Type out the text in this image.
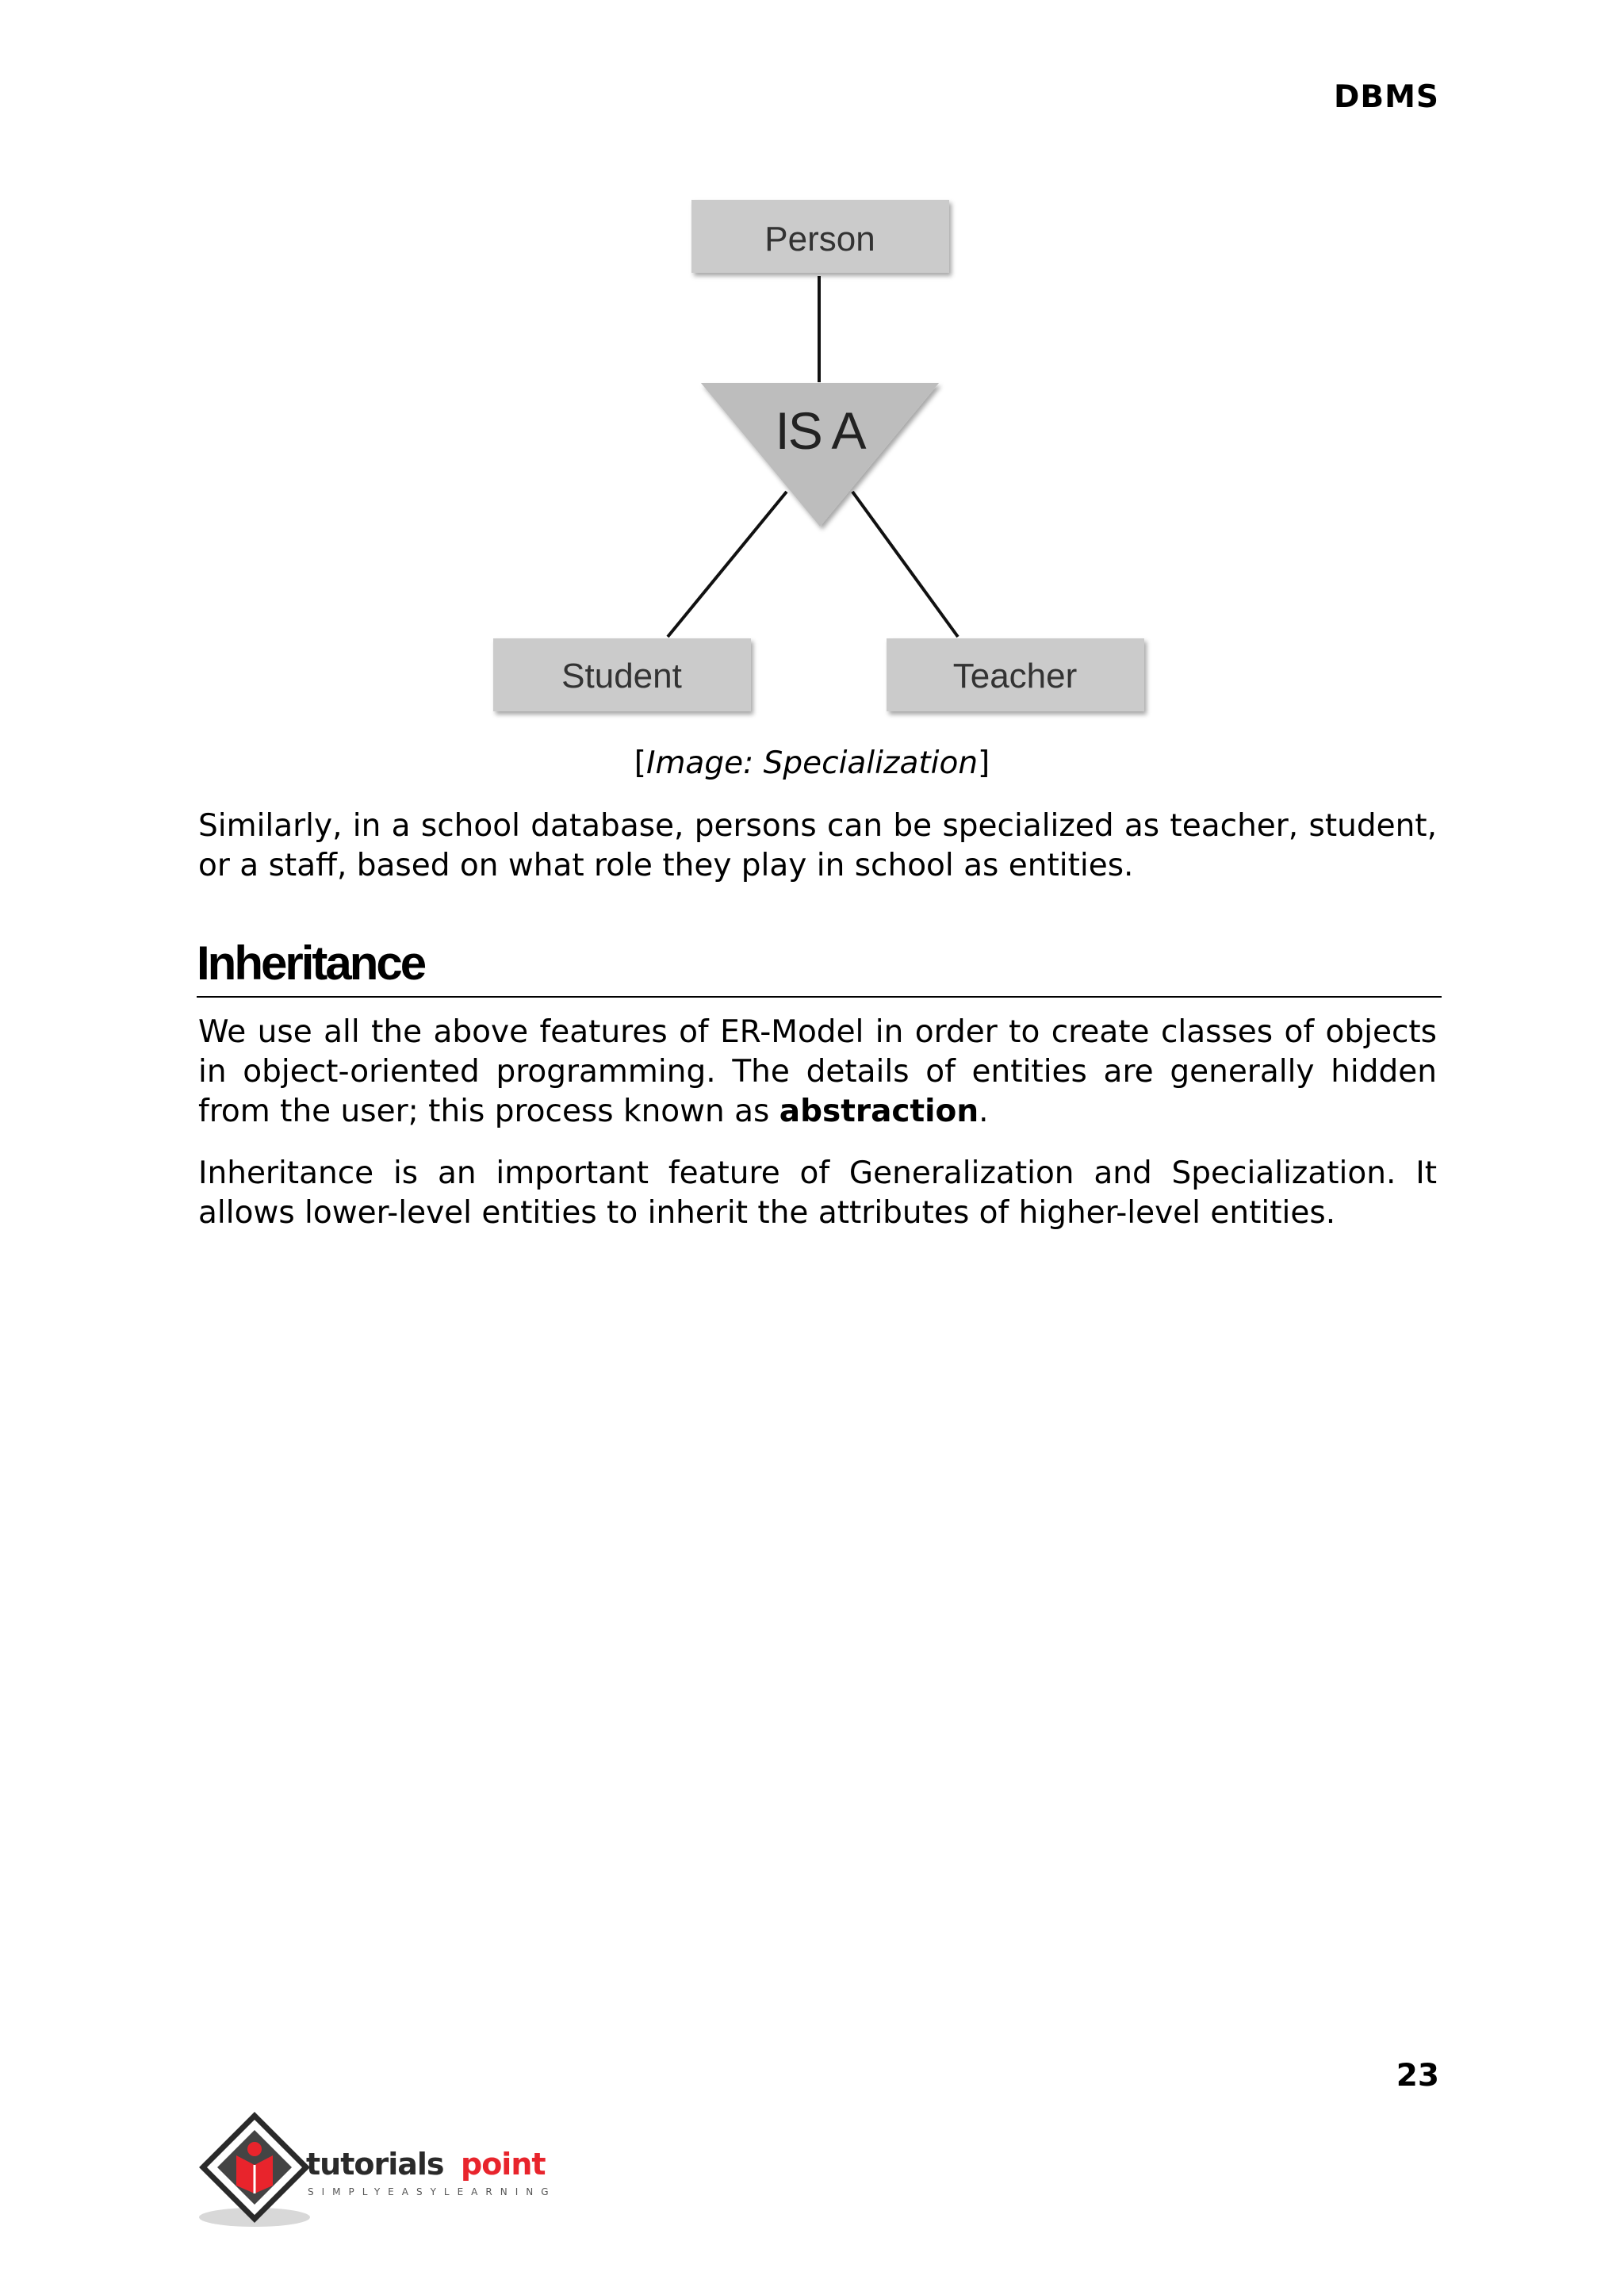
DBMS
Person
IS A
Student	Teacher
[Image: Specialization]

Similarly, in a school database, persons can be specialized as teacher, student, or a staff, based on what role they play in school as entities.

Inheritance

We use all the above features of ER-Model in order to create classes of objects in object-oriented programming. The details of entities are generally hidden from the user; this process known as abstraction.

Inheritance is an important feature of Generalization and Specialization. It allows lower-level entities to inherit the attributes of higher-level entities.

23
tutorials point
SIMPLYEASYLEARNING
